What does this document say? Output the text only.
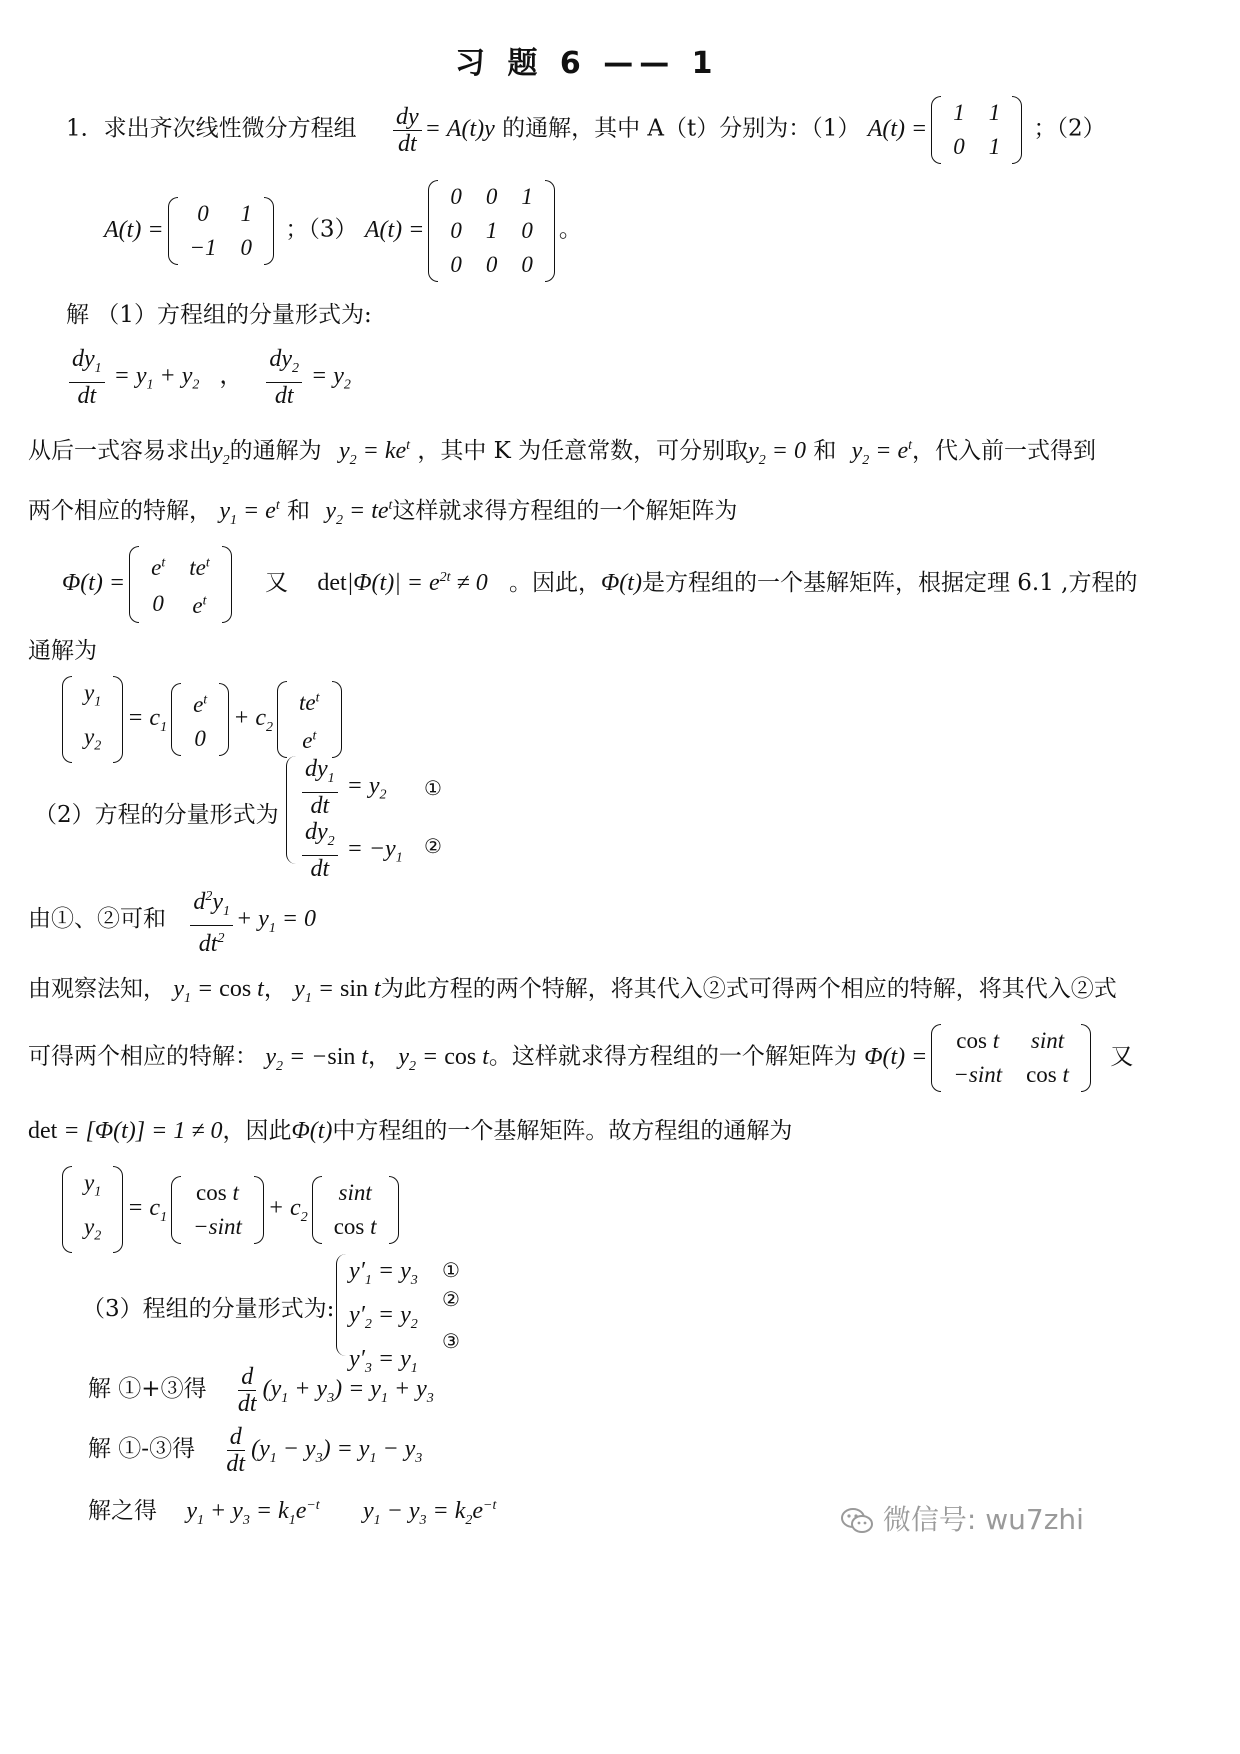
习 题 6 —— 1
1．求出齐次线性微分方程组 $\frac{dy}{dt} = A(t)y$ 的通解，其中 A（t）分别为：（1） A(t) =
1	1
0	1
；（2）
A(t) =
0	1
−1	0
；（3） A(t) =
0	0	1
0	1	0
0	0	0
。
解 （1）方程组的分量形式为:
$\frac{dy_1}{dt} = y_1 + y_2$ ， $\frac{dy_2}{dt} = y_2$
从后一式容易求出$y_2$的通解为 $y_2 = ke^t$ ，其中 K 为任意常数，可分别取$y_2 = 0$ 和 $y_2 = e^t$，代入前一式得到
两个相应的特解， $y_1 = e^t$ 和 $y_2 = te^t$这样就求得方程组的一个解矩阵为
Φ(t) =
$e^t$	$te^t$
0	$e^t$
又 $\det|\Phi(t)| = e^{2t} \ne 0$ 。因此，Φ(t)是方程组的一个基解矩阵，根据定理 6.1 ,方程的
通解为
$y_1$
$y_2$
= $c_1$
$e^t$
0
+ $c_2$
$te^t$
$e^t$
（2）方程的分量形式为 $\frac{dy_1}{dt} = y_2$
$\frac{dy_2}{dt} = -y_1$
①
②
由①、②可和 $\frac{d^2y_1}{dt^2} + y_1 = 0$
由观察法知， $y_1 = \cos t$， $y_1 = \sin t$为此方程的两个特解，将其代入②式可得两个相应的特解，将其代入②式
可得两个相应的特解： $y_2 = -\sin$ t， $y_2 = \cos t$。这样就求得方程组的一个解矩阵为 Φ(t) =
cos t	sint
−sint	cos t
又
det = [Φ(t)] = 1 ≠ 0，因此Φ(t)中方程组的一个基解矩阵。故方程组的通解为
$y_1$
$y_2$
= $c_1$
cos t
−sint
+ $c_2$
sint
cos t
（3）程组的分量形式为:
$y'_1 = y_3$
$y'_2 = y_2$
$y'_3 = y_1$
①
②
③
解 ①+③得 $\frac{d}{dt} (y_1 + y_3) = y_1 + y_3$
解 ①-③得 $\frac{d}{dt} (y_1 - y_3) = y_1 - y_3$
解之得 $y_1 + y_3 = k_1e^{-t}$ $y_1 - y_3 = k_2e^{-t}$	微信号: wu7zhi
